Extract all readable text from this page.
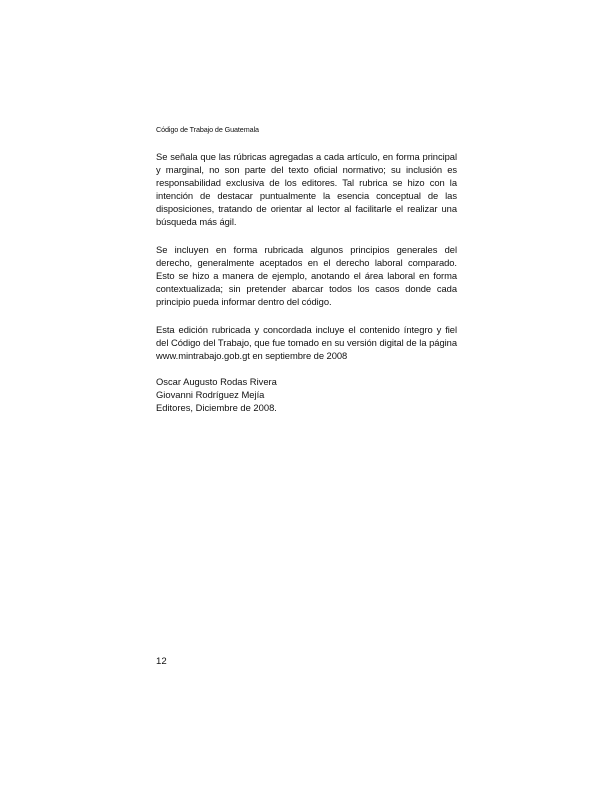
Código de Trabajo de Guatemala

Se señala que las rúbricas agregadas a cada artículo, en forma principal y marginal, no son parte del texto oficial normativo; su inclusión es responsabilidad exclusiva de los editores. Tal rubrica se hizo con la intención de destacar puntualmente la esencia conceptual de las disposiciones, tratando de orientar al lector al facilitarle el realizar una búsqueda más ágil.

Se incluyen en forma rubricada algunos principios generales del derecho, generalmente aceptados en el derecho laboral comparado. Esto se hizo a manera de ejemplo, anotando el área laboral en forma contextualizada; sin pretender abarcar todos los casos donde cada principio pueda informar dentro del código.

Esta edición rubricada y concordada incluye el contenido íntegro y fiel del Código del Trabajo, que fue tomado en su versión digital de la página www.mintrabajo.gob.gt en septiembre de 2008

Oscar Augusto Rodas Rivera
Giovanni Rodríguez Mejía
Editores, Diciembre de 2008.
12
